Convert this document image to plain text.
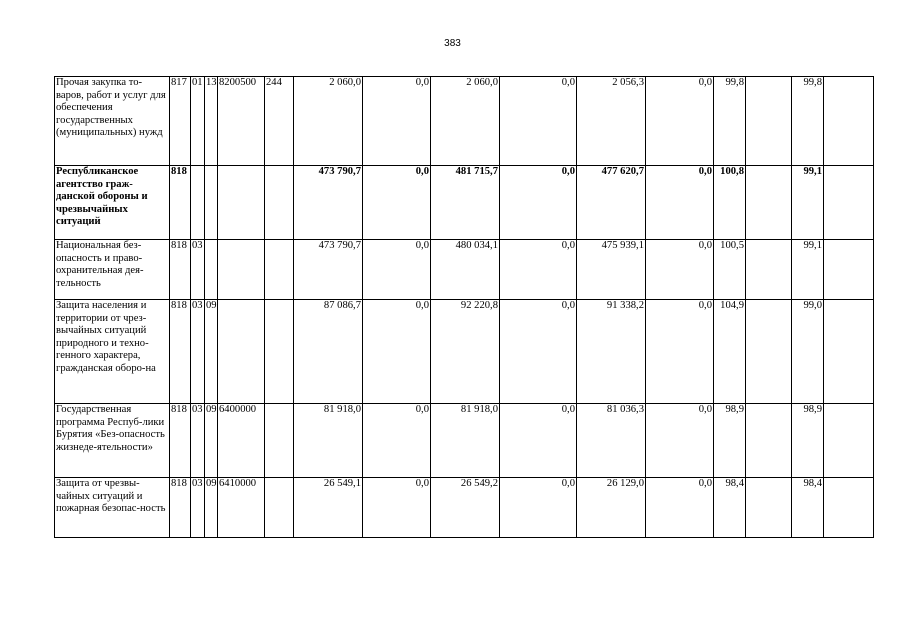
383
Прочая закупка то-варов, работ и услуг для обеспечения государственных (муниципальных) нужд	817	01	13	8200500	244	2 060,0	0,0	2 060,0	0,0	2 056,3	0,0	99,8		99,8	
Республиканское агентство граж-данской обороны и чрезвычайных ситуаций	818					473 790,7	0,0	481 715,7	0,0	477 620,7	0,0	100,8		99,1	
Национальная без-опасность и право-охранительная дея-тельность	818	03				473 790,7	0,0	480 034,1	0,0	475 939,1	0,0	100,5		99,1	
Защита населения и территории от чрез-вычайных ситуаций природного и техно-генного характера, гражданская оборо-на	818	03	09			87 086,7	0,0	92 220,8	0,0	91 338,2	0,0	104,9		99,0	
Государственная программа Респуб-лики Бурятия «Без-опасность жизнеде-ятельности»	818	03	09	6400000		81 918,0	0,0	81 918,0	0,0	81 036,3	0,0	98,9		98,9	
Защита от чрезвы-чайных ситуаций и пожарная безопас-ность	818	03	09	6410000		26 549,1	0,0	26 549,2	0,0	26 129,0	0,0	98,4		98,4	
